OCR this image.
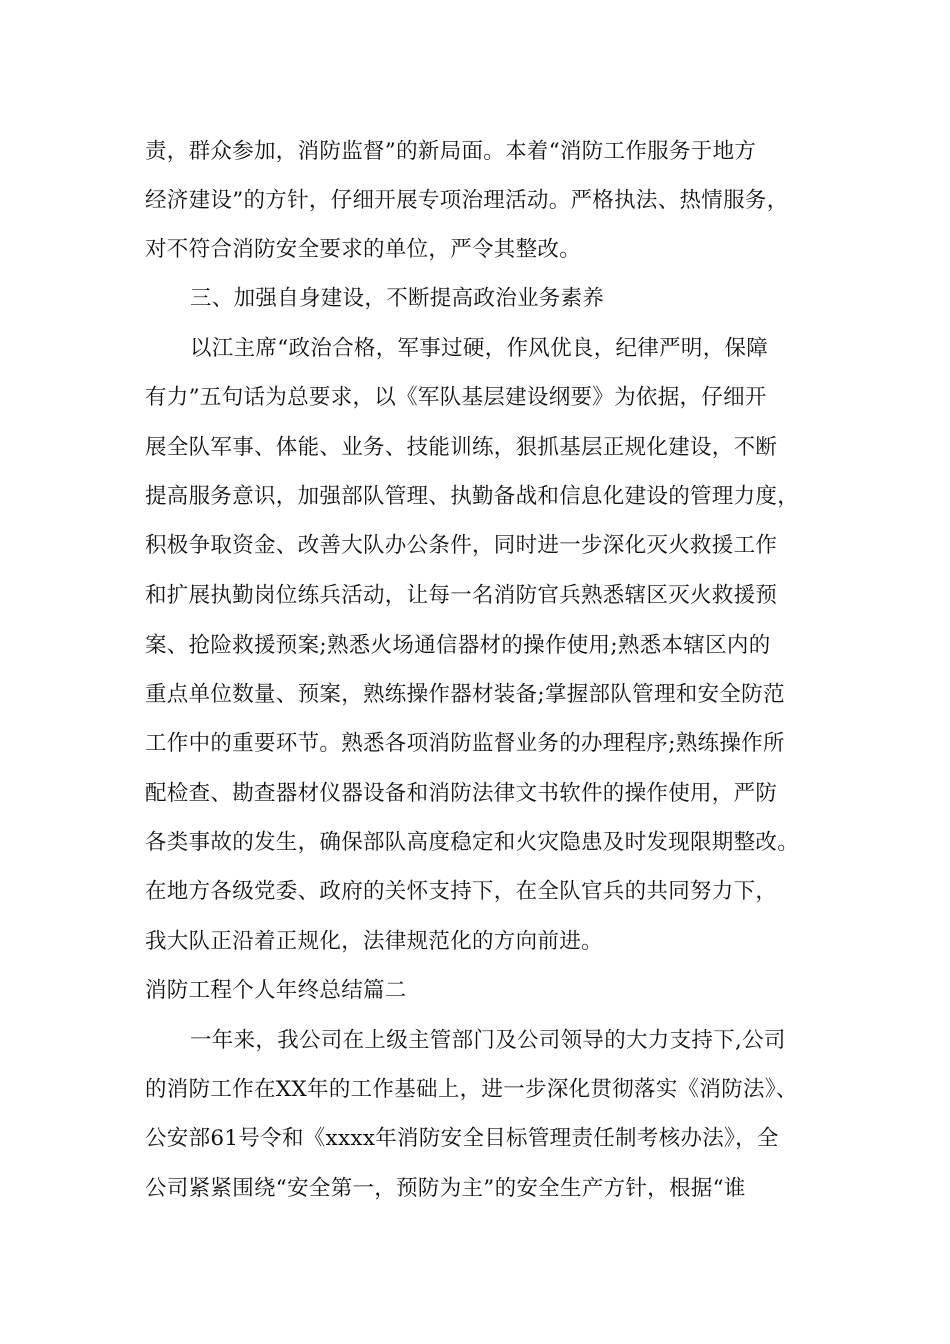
责，群众参加，消防监督”的新局面。本着“消防工作服务于地方
经济建设”的方针，仔细开展专项治理活动。严格执法、热情服务，
对不符合消防安全要求的单位，严令其整改。
三、加强自身建设，不断提高政治业务素养
以江主席“政治合格，军事过硬，作风优良，纪律严明，保障
有力”五句话为总要求，以《军队基层建设纲要》为依据，仔细开
展全队军事、体能、业务、技能训练，狠抓基层正规化建设，不断
提高服务意识，加强部队管理、执勤备战和信息化建设的管理力度，
积极争取资金、改善大队办公条件，同时进一步深化灭火救援工作
和扩展执勤岗位练兵活动，让每一名消防官兵熟悉辖区灭火救援预
案、抢险救援预案;熟悉火场通信器材的操作使用;熟悉本辖区内的
重点单位数量、预案，熟练操作器材装备;掌握部队管理和安全防范
工作中的重要环节。熟悉各项消防监督业务的办理程序;熟练操作所
配检查、勘查器材仪器设备和消防法律文书软件的操作使用，严防
各类事故的发生，确保部队高度稳定和火灾隐患及时发现限期整改。
在地方各级党委、政府的关怀支持下，在全队官兵的共同努力下，
我大队正沿着正规化，法律规范化的方向前进。
消防工程个人年终总结篇二
一年来，我公司在上级主管部门及公司领导的大力支持下,公司
的消防工作在XX年的工作基础上，进一步深化贯彻落实《消防法》、
公安部61号令和《xxxx年消防安全目标管理责任制考核办法》，全
公司紧紧围绕“安全第一，预防为主”的安全生产方针，根据“谁
